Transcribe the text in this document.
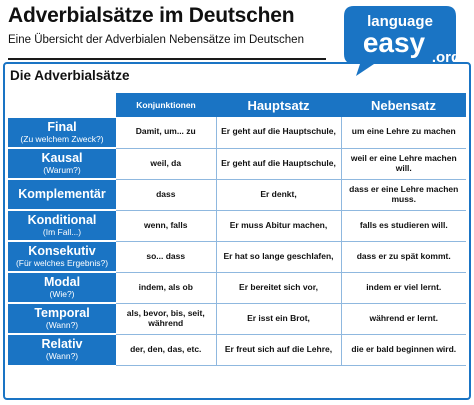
Adverbialsätze im Deutschen
Eine Übersicht der Adverbialen Nebensätze im Deutschen
language
easy .org
Die Adverbialsätze
	Konjunktionen	Hauptsatz	Nebensatz

Final
(Zu welchem Zweck?)	Damit, um... zu	Er geht auf die Hauptschule,	um eine Lehre zu machen

Kausal
(Warum?)	weil, da	Er geht auf die Hauptschule,	weil er eine Lehre machen will.

Komplementär	dass	Er denkt,	dass er eine Lehre machen muss.

Konditional
(Im Fall...)	wenn, falls	Er muss Abitur machen,	falls es studieren will.

Konsekutiv
(Für welches Ergebnis?)	so... dass	Er hat so lange geschlafen,	dass er zu spät kommt.

Modal
(Wie?)	indem, als ob	Er bereitet sich vor,	indem er viel lernt.

Temporal
(Wann?)	als, bevor, bis, seit, während	Er isst ein Brot,	während er lernt.

Relativ
(Wann?)	der, den, das, etc.	Er freut sich auf die Lehre,	die er bald beginnen wird.
